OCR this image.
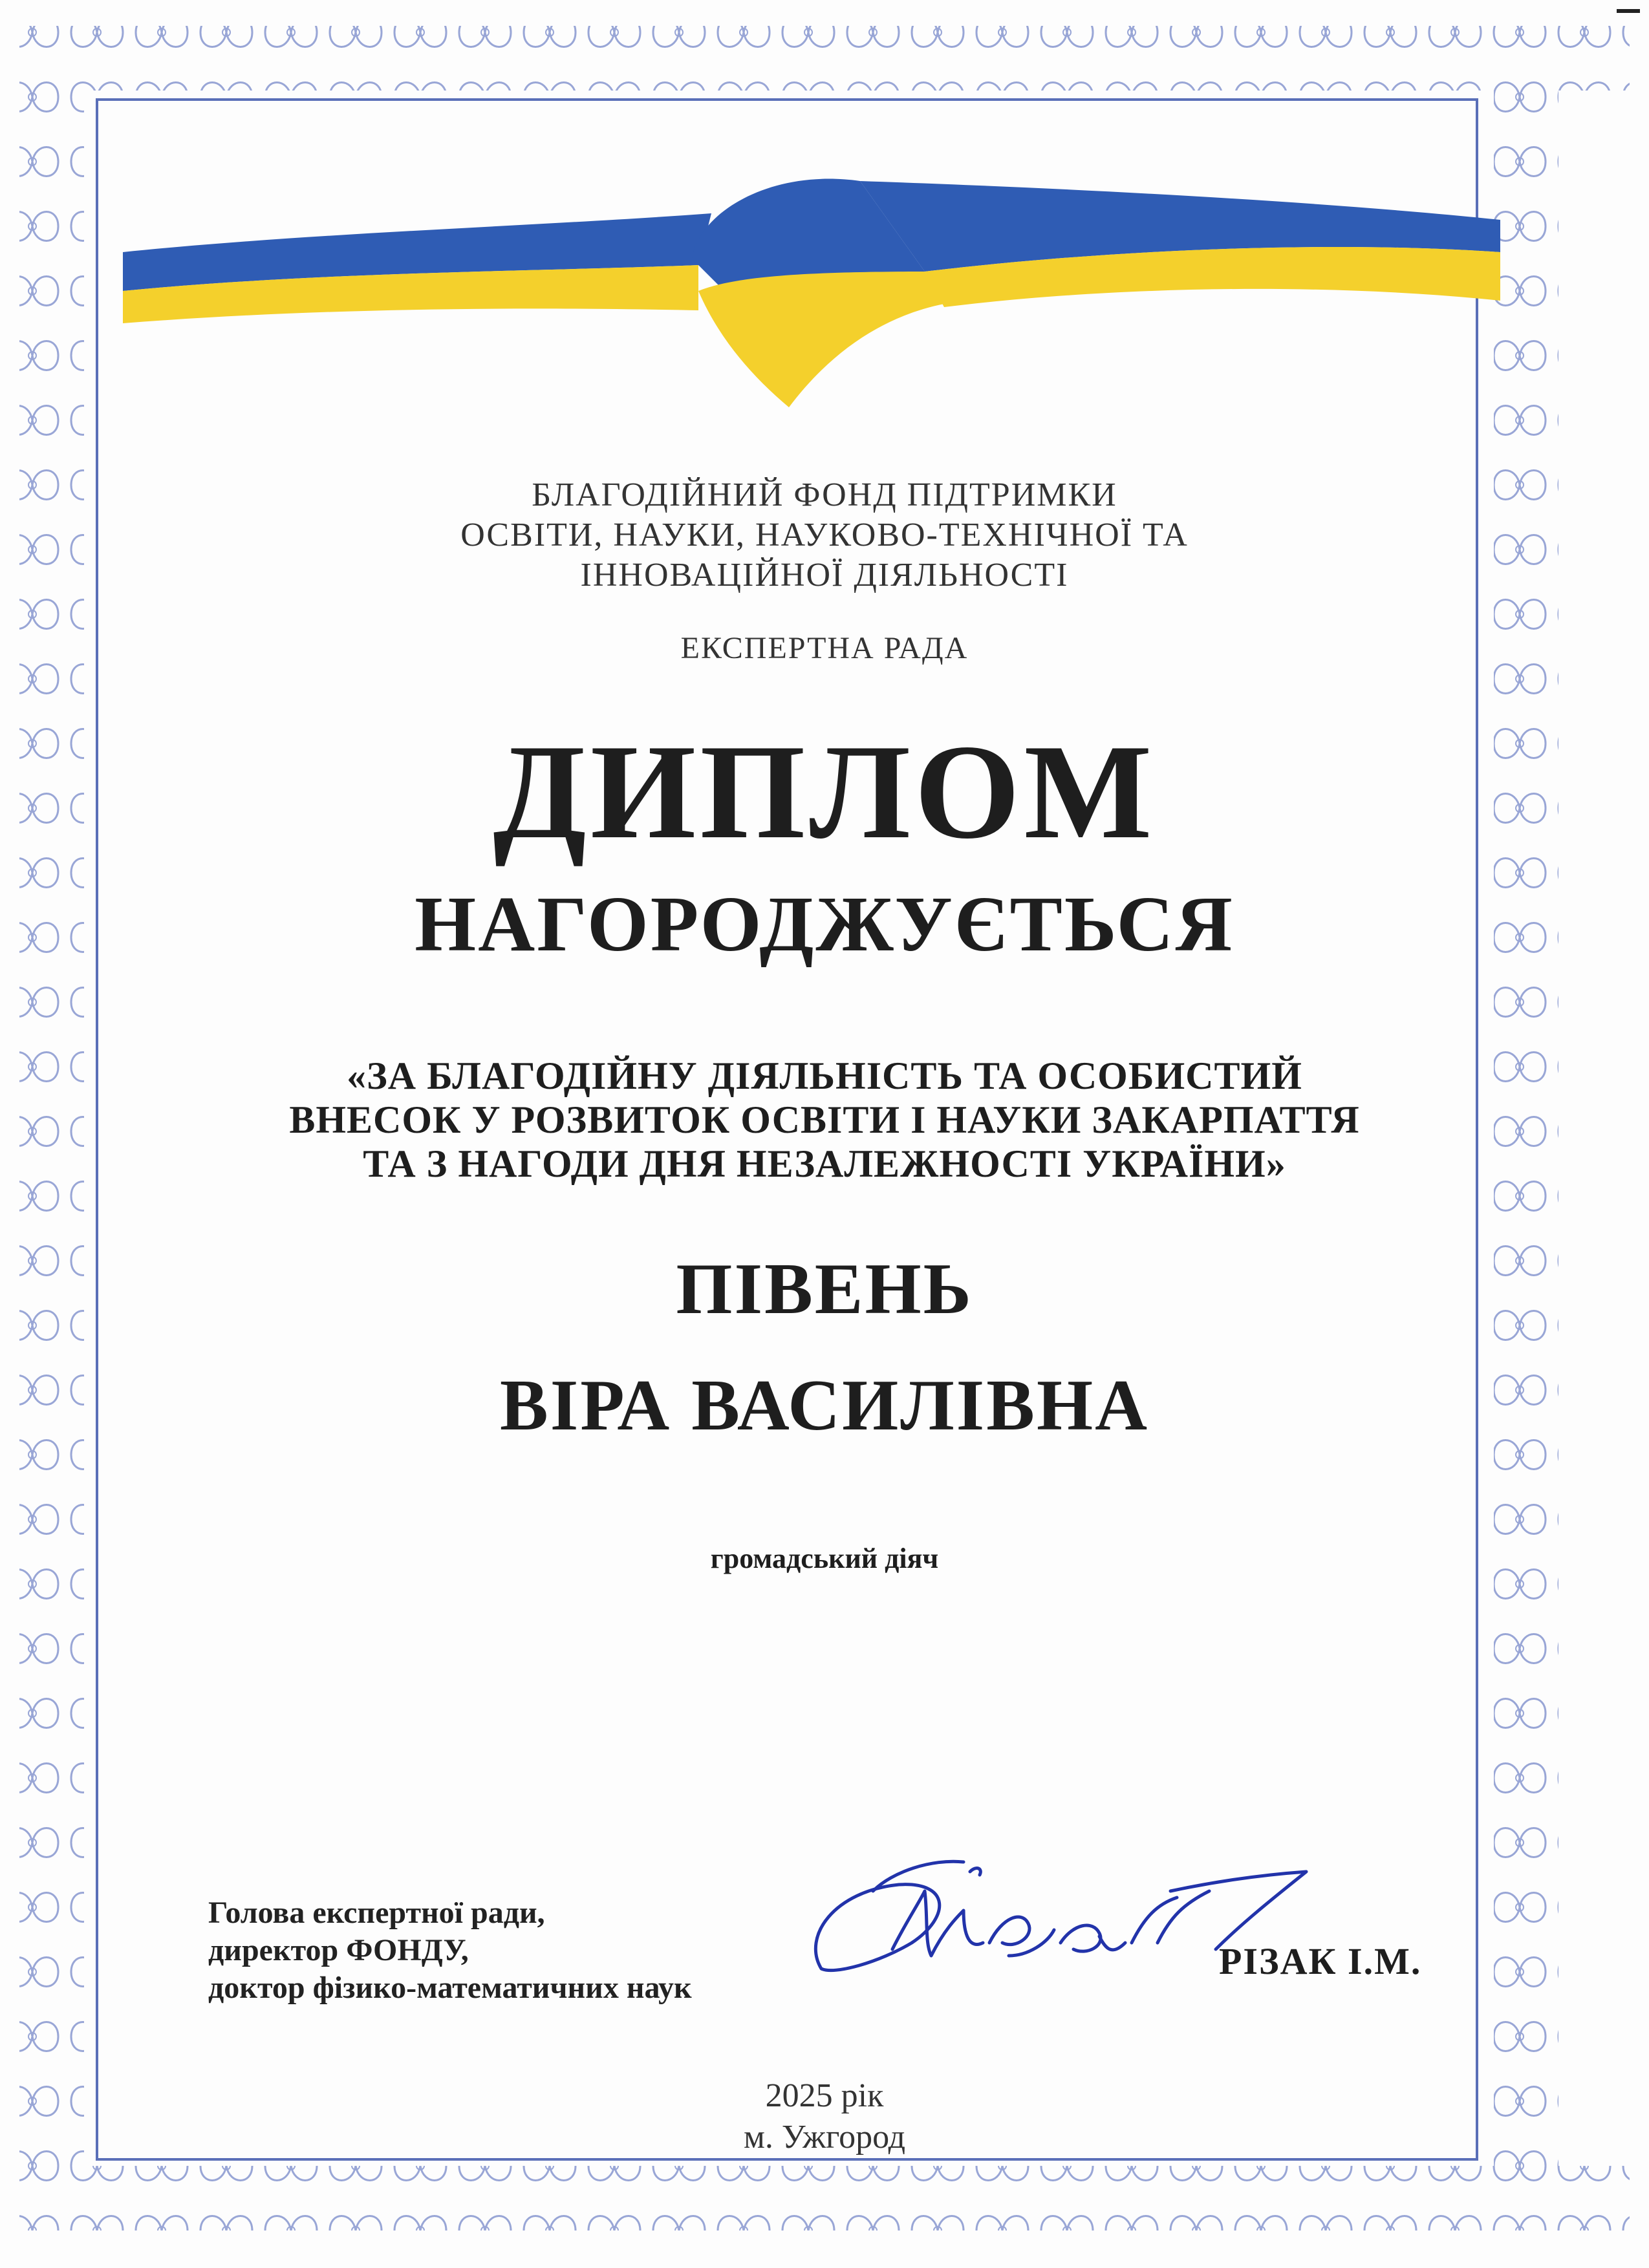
БЛАГОДІЙНИЙ ФОНД ПІДТРИМКИ
ОСВІТИ, НАУКИ, НАУКОВО-ТЕХНІЧНОЇ ТА
ІННОВАЦІЙНОЇ ДІЯЛЬНОСТІ
ЕКСПЕРТНА РАДА
ДИПЛОМ
НАГОРОДЖУЄТЬСЯ
«ЗА БЛАГОДІЙНУ ДІЯЛЬНІСТЬ ТА ОСОБИСТИЙ
ВНЕСОК У РОЗВИТОК ОСВІТИ І НАУКИ ЗАКАРПАТТЯ
ТА З НАГОДИ ДНЯ НЕЗАЛЕЖНОСТІ УКРАЇНИ»
ПІВЕНЬ
ВІРА ВАСИЛІВНА
громадський діяч
Голова експертної ради,
директор ФОНДУ,
доктор фізико-математичних наук
РІЗАК І.М.
2025 рік
м. Ужгород
